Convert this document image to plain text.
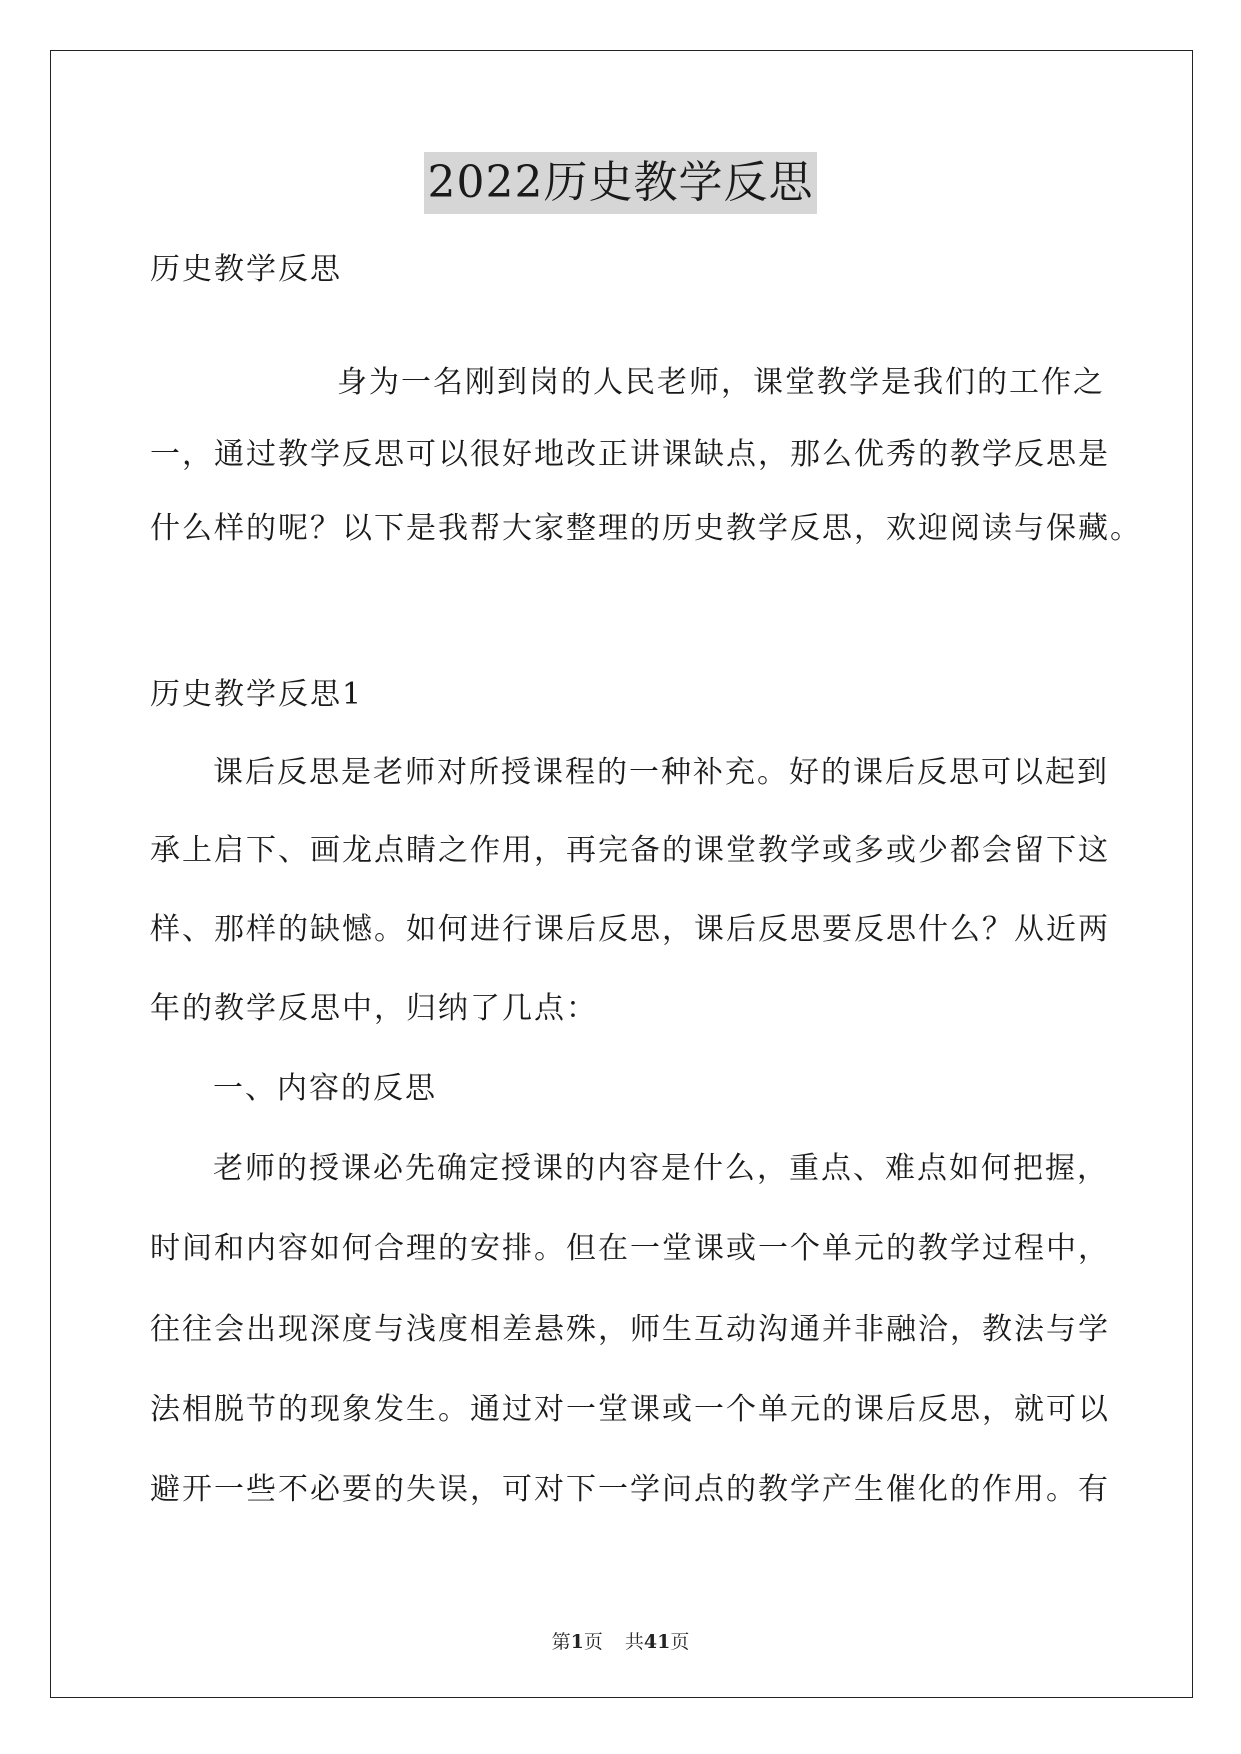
2022历史教学反思
历史教学反思
身为一名刚到岗的人民老师，课堂教学是我们的工作之
一，通过教学反思可以很好地改正讲课缺点，那么优秀的教学反思是
什么样的呢？以下是我帮大家整理的历史教学反思，欢迎阅读与保藏。
历史教学反思1
课后反思是老师对所授课程的一种补充。好的课后反思可以起到
承上启下、画龙点睛之作用，再完备的课堂教学或多或少都会留下这
样、那样的缺憾。如何进行课后反思，课后反思要反思什么？从近两
年的教学反思中，归纳了几点：
一、内容的反思
老师的授课必先确定授课的内容是什么，重点、难点如何把握，
时间和内容如何合理的安排。但在一堂课或一个单元的教学过程中，
往往会出现深度与浅度相差悬殊，师生互动沟通并非融洽，教法与学
法相脱节的现象发生。通过对一堂课或一个单元的课后反思，就可以
避开一些不必要的失误，可对下一学问点的教学产生催化的作用。有
第1页 共41页
